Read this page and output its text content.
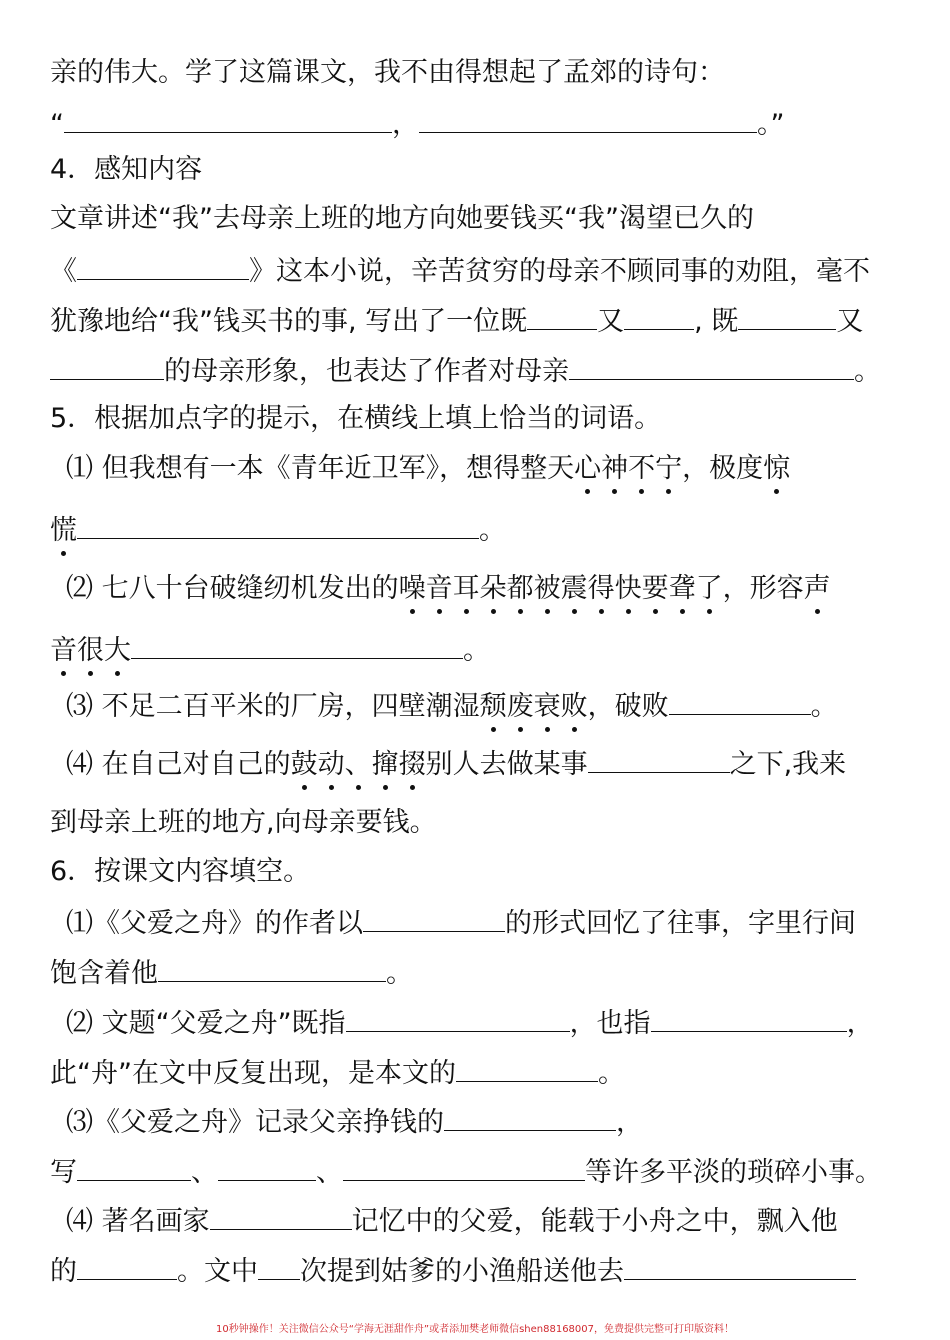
亲的伟大。学了这篇课文，我不由得想起了孟郊的诗句：
“	，	。”
4．感知内容
文章讲述“我”去母亲上班的地方向她要钱买“我”渴望已久的
《	》这本小说，辛苦贫穷的母亲不顾同事的劝阻，毫不
犹豫地给“我”钱买书的事, 写出了一位既	又	, 既	又
的母亲形象，也表达了作者对母亲	。
5．根据加点字的提示，在横线上填上恰当的词语。
⑴ 但我想有一本《青年近卫军》，想得整天心神不宁，极度惊
慌	。
⑵ 七八十台破缝纫机发出的噪音耳朵都被震得快要聋了，形容声
音很大	。
⑶ 不足二百平米的厂房，四壁潮湿颓废衰败，破败	。
⑷ 在自己对自己的鼓动、撺掇别人去做某事	之下,我来
到母亲上班的地方,向母亲要钱。
6．按课文内容填空。
⑴《父爱之舟》的作者以	的形式回忆了往事，字里行间
饱含着他	。
⑵ 文题“父爱之舟”既指	，也指	，
此“舟”在文中反复出现，是本文的	。
⑶《父爱之舟》记录父亲挣钱的	，
写	、	、	等许多平淡的琐碎小事。
⑷ 著名画家	记忆中的父爱，能载于小舟之中，飘入他
的	。文中 次提到姑爹的小渔船送他去
10秒钟操作！关注微信公众号“学海无涯甜作舟”或者添加樊老师微信shen88168007，免费提供完整可打印版资料！
